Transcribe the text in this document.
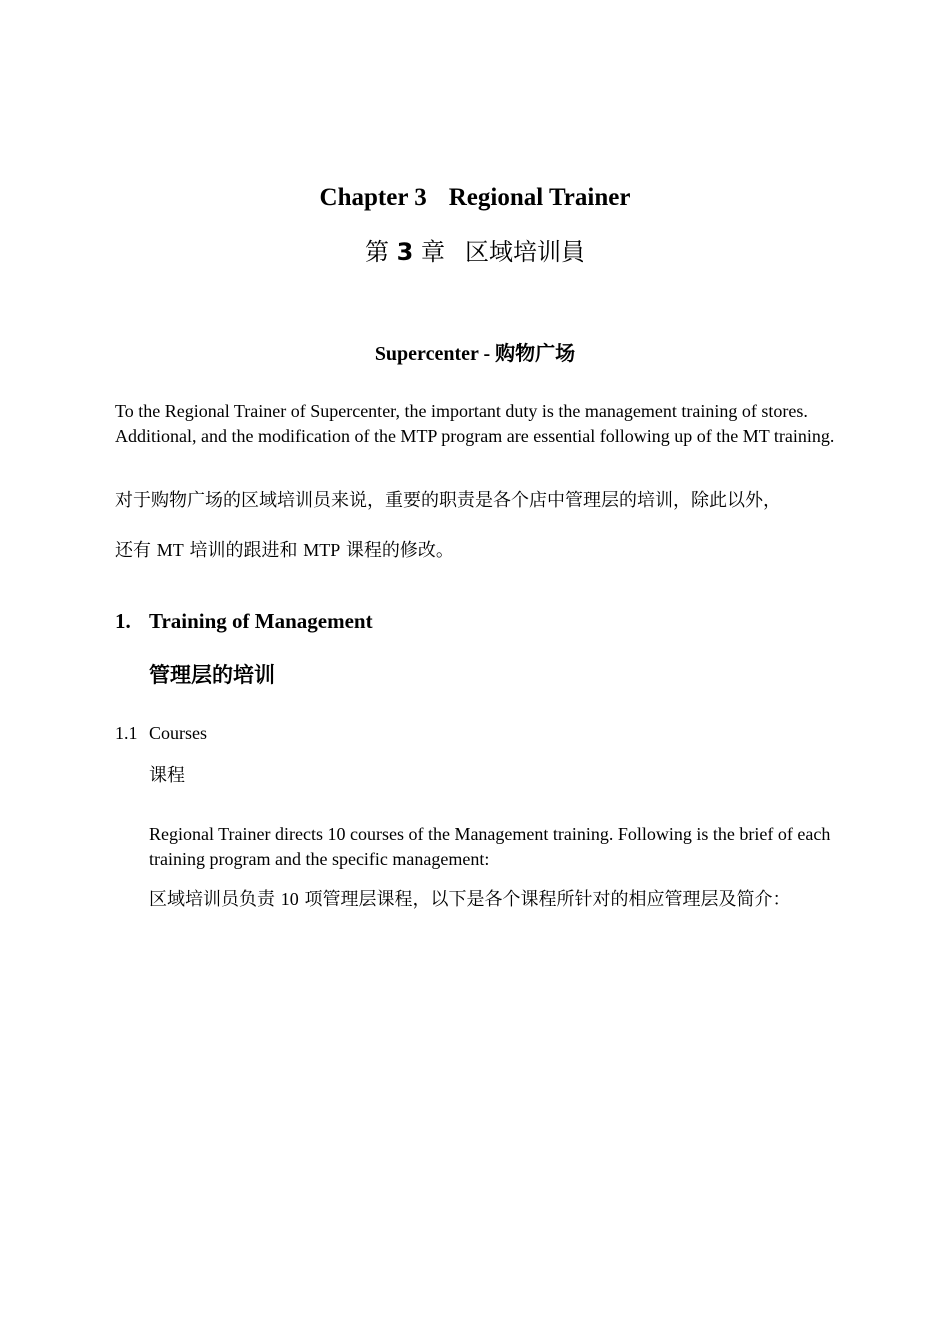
Chapter 3 Regional Trainer
第 3 章 区域培训員
Supercenter - 购物广场
To the Regional Trainer of Supercenter, the important duty is the management training of stores. Additional, and the modification of the MTP program are essential following up of the MT training.
对于购物广场的区域培训员来说，重要的职责是各个店中管理层的培训，除此以外，
还有 MT 培训的跟进和 MTP 课程的修改。
1. Training of Management
管理层的培训
1.1 Courses
课程
Regional Trainer directs 10 courses of the Management training. Following is the brief of each training program and the specific management:
区域培训员负责 10 项管理层课程，以下是各个课程所针对的相应管理层及简介：
